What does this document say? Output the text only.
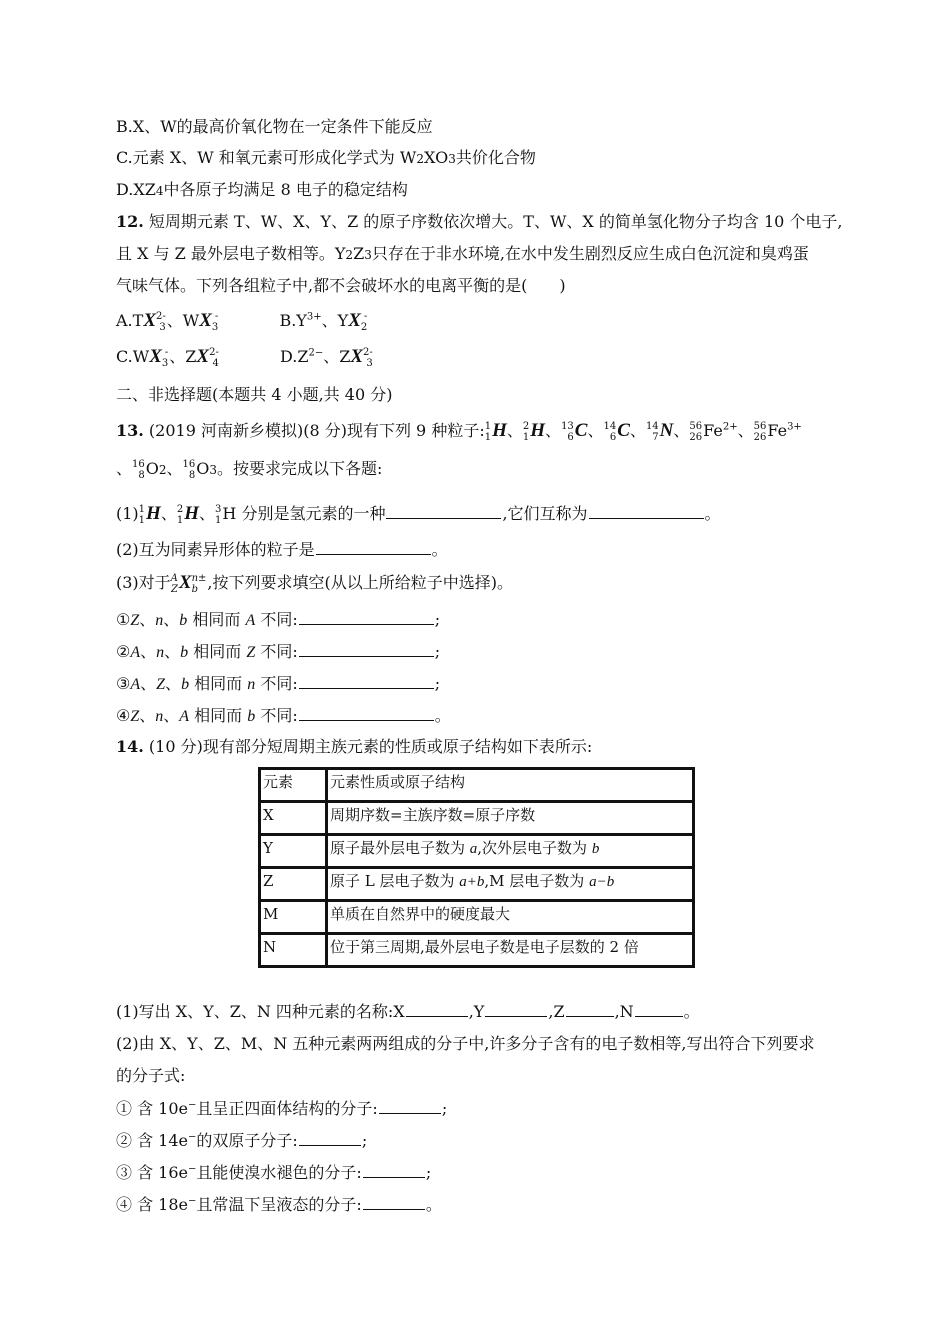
B.X、W的最高价氧化物在一定条件下能反应
C.元素 X、W 和氧元素可形成化学式为 W2XO3共价化合物
D.XZ4中各原子均满足 8 电子的稳定结构
12. 短周期元素 T、W、X、Y、Z 的原子序数依次增大。T、W、X 的简单氢化物分子均含 10 个电子,
且 X 与 Z 最外层电子数相等。Y2Z3只存在于非水环境,在水中发生剧烈反应生成白色沉淀和臭鸡蛋
气味气体。下列各组粒子中,都不会破坏水的电离平衡的是(　　)
A.TX 2-
3 、WX -
3	$B.Y^{3+}$、YX -
2
C.WX -
3 、ZX 2-
4	$D.Z^{2-}$、ZX 2-
3
二、非选择题(本题共 4 小题,共 40 分)
13. (2019 河南新乡模拟)(8 分)现有下列 9 种粒子: 1
1 H、 2
1 H、 13
6 C、 14
6 C、 14
7 N、 56
26 $Fe^{2+}$、 56
26 $Fe^{3+}$
、 16
8 O2、 16
8 O3。按要求完成以下各题:
(1) 1
1 H、 2
1 H、 3
1 H 分别是氢元素的一种	,它们互称为	。
(2)互为同素异形体的粒子是	。
(3)对于 A
Z X n±
b ,按下列要求填空(从以上所给粒子中选择)。
①Z、n、b 相同而 A 不同:	;
②A、n、b 相同而 Z 不同:	;
③A、Z、b 相同而 n 不同:	;
④Z、n、A 相同而 b 不同:	。
14. (10 分)现有部分短周期主族元素的性质或原子结构如下表所示:
元素	元素性质或原子结构
X	周期序数=主族序数=原子序数
Y	原子最外层电子数为 a,次外层电子数为 b
Z	原子 L 层电子数为 a+b,M 层电子数为 a−b
M	单质在自然界中的硬度最大
N	位于第三周期,最外层电子数是电子层数的 2 倍
(1)写出 X、Y、Z、N 四种元素的名称:X	,Y	,Z	,N	。
(2)由 X、Y、Z、M、N 五种元素两两组成的分子中,许多分子含有的电子数相等,写出符合下列要求
的分子式:
① 含 10e−且呈正四面体结构的分子:	;
② 含 14e−的双原子分子:	;
③ 含 16e−且能使溴水褪色的分子:	;
④ 含 18e−且常温下呈液态的分子:	。
